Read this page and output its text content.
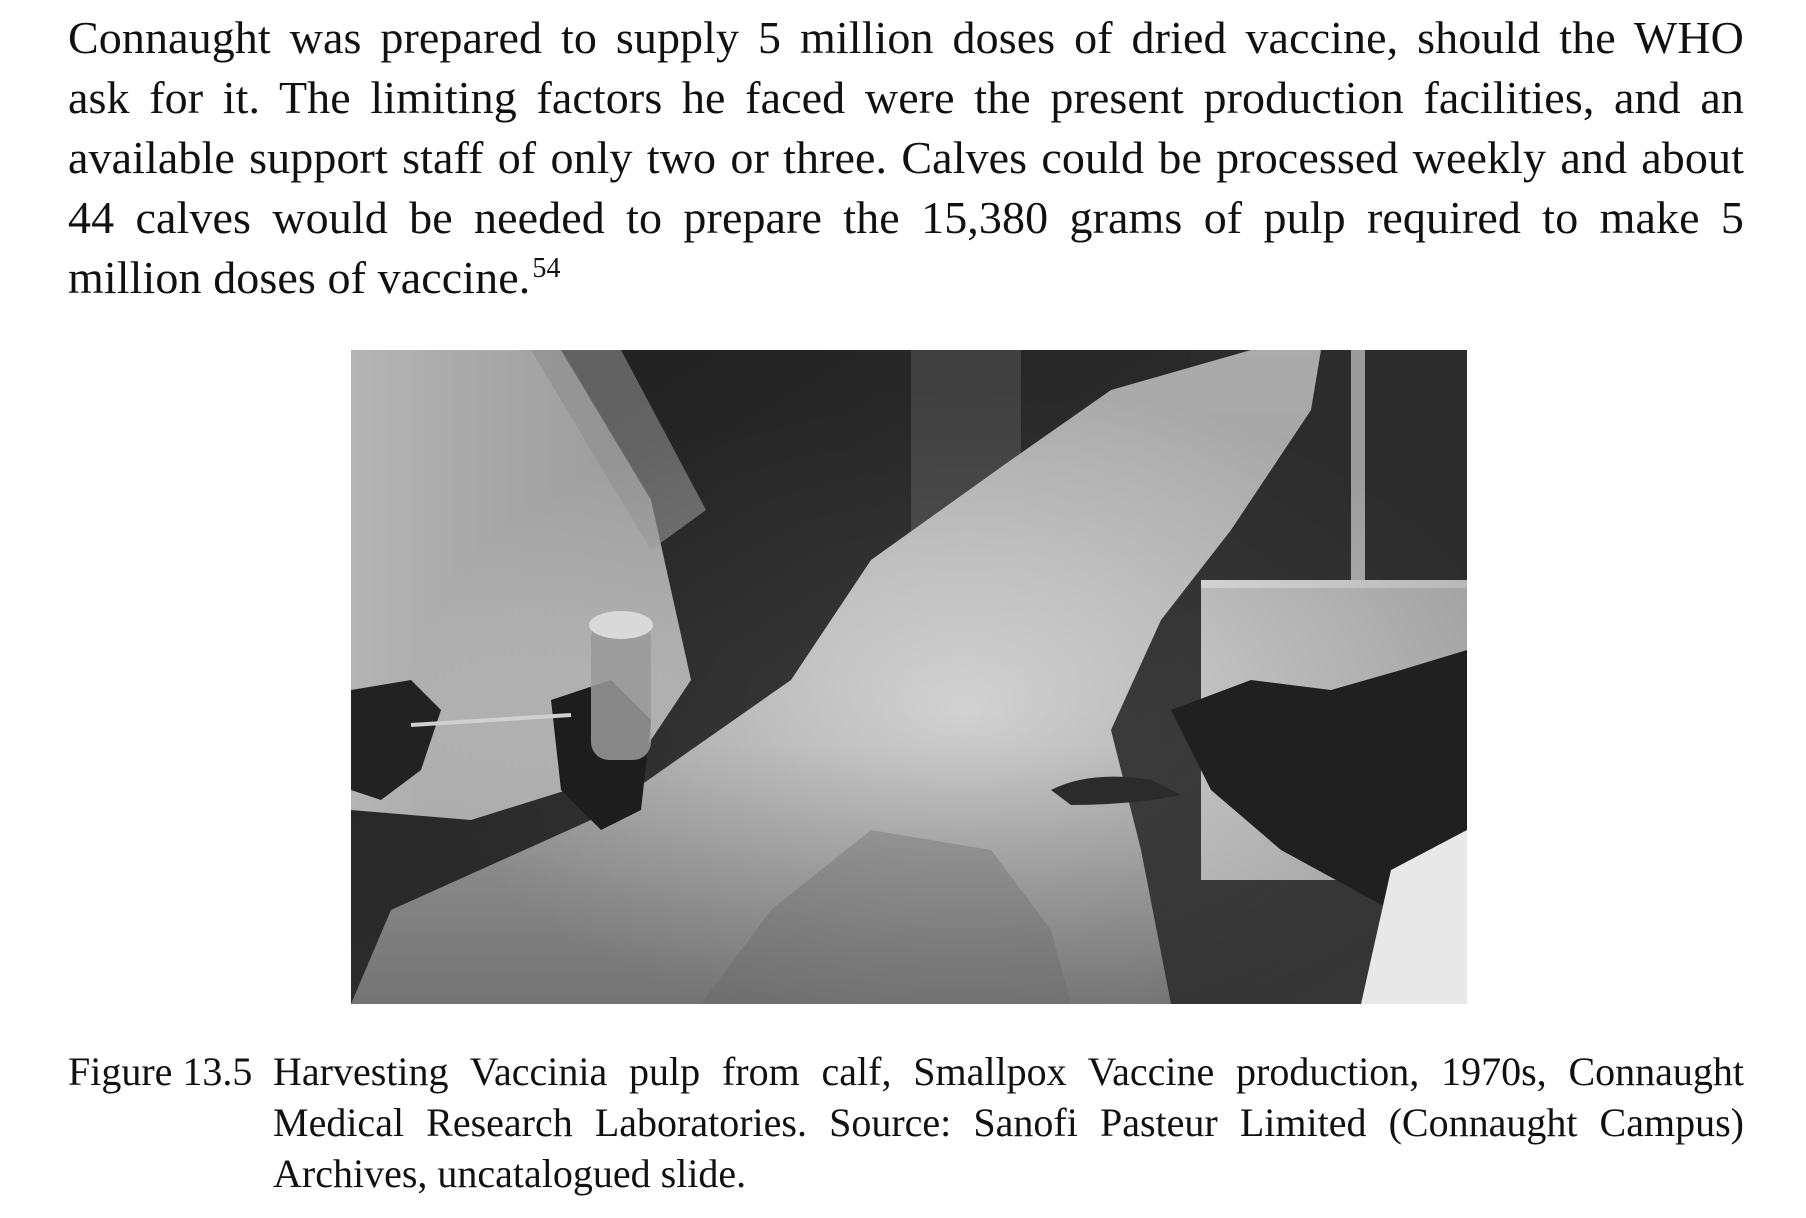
Connaught was prepared to supply 5 million doses of dried vaccine, should the WHO
ask for it. The limiting factors he faced were the present production facilities, and an
available support staff of only two or three. Calves could be processed weekly and about
44 calves would be needed to prepare the 15,380 grams of pulp required to make 5
million doses of vaccine.$^{54}$
Figure 13.5 Harvesting Vaccinia pulp from calf, Smallpox Vaccine production, 1970s, Connaught
Medical Research Laboratories. Source: Sanofi Pasteur Limited (Connaught Campus)
Archives, uncatalogued slide.
